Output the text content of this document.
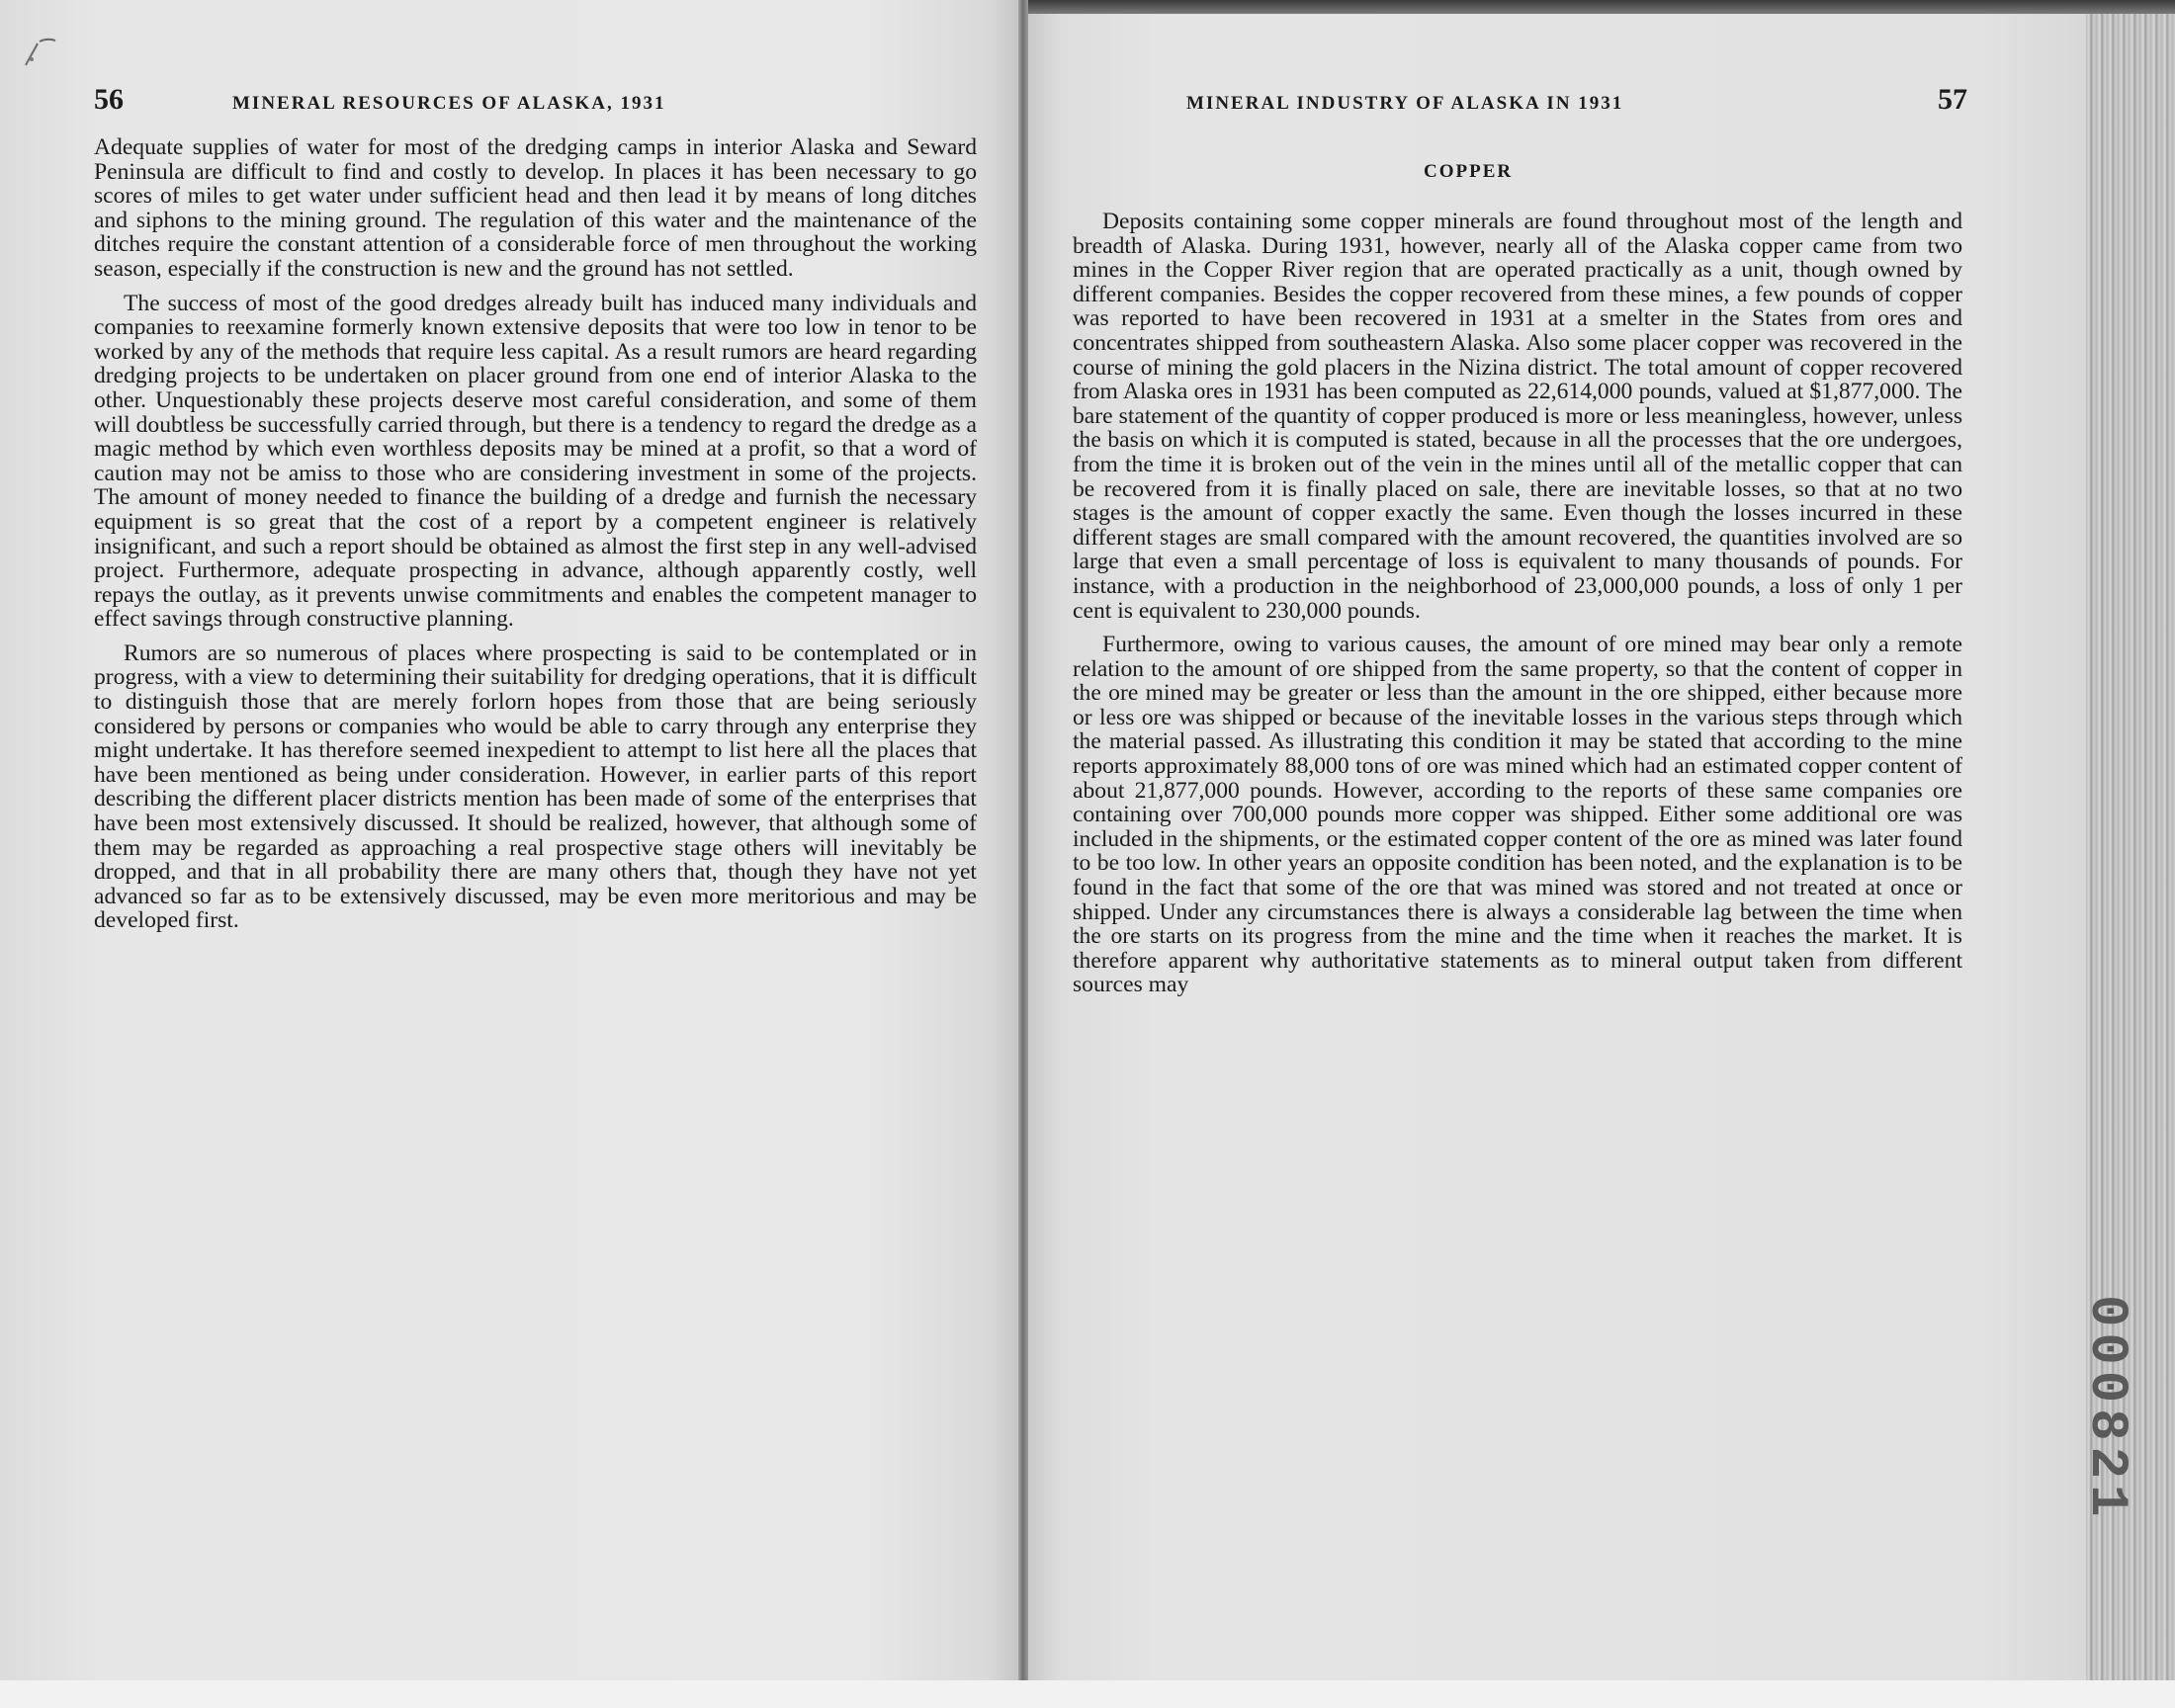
56	MINERAL RESOURCES OF ALASKA, 1931

Adequate supplies of water for most of the dredging camps in interior Alaska and Seward Peninsula are difficult to find and costly to develop. In places it has been necessary to go scores of miles to get water under sufficient head and then lead it by means of long ditches and siphons to the mining ground. The regulation of this water and the maintenance of the ditches require the constant attention of a considerable force of men throughout the working season, especially if the construction is new and the ground has not settled.

The success of most of the good dredges already built has induced many individuals and companies to reexamine formerly known extensive deposits that were too low in tenor to be worked by any of the methods that require less capital. As a result rumors are heard regarding dredging projects to be undertaken on placer ground from one end of interior Alaska to the other. Unquestionably these projects deserve most careful consideration, and some of them will doubtless be successfully carried through, but there is a tendency to regard the dredge as a magic method by which even worthless deposits may be mined at a profit, so that a word of caution may not be amiss to those who are considering investment in some of the projects. The amount of money needed to finance the building of a dredge and furnish the necessary equipment is so great that the cost of a report by a competent engineer is relatively insignificant, and such a report should be obtained as almost the first step in any well-advised project. Furthermore, adequate prospecting in advance, although apparently costly, well repays the outlay, as it prevents unwise commitments and enables the competent manager to effect savings through constructive planning.

Rumors are so numerous of places where prospecting is said to be contemplated or in progress, with a view to determining their suitability for dredging operations, that it is difficult to distinguish those that are merely forlorn hopes from those that are being seriously considered by persons or companies who would be able to carry through any enterprise they might undertake. It has therefore seemed inexpedient to attempt to list here all the places that have been mentioned as being under consideration. However, in earlier parts of this report describing the different placer districts mention has been made of some of the enterprises that have been most extensively discussed. It should be realized, however, that although some of them may be regarded as approaching a real prospective stage others will inevitably be dropped, and that in all probability there are many others that, though they have not yet advanced so far as to be extensively discussed, may be even more meritorious and may be developed first.

MINERAL INDUSTRY OF ALASKA IN 1931	57
COPPER

Deposits containing some copper minerals are found throughout most of the length and breadth of Alaska. During 1931, however, nearly all of the Alaska copper came from two mines in the Copper River region that are operated practically as a unit, though owned by different companies. Besides the copper recovered from these mines, a few pounds of copper was reported to have been recovered in 1931 at a smelter in the States from ores and concentrates shipped from southeastern Alaska. Also some placer copper was recovered in the course of mining the gold placers in the Nizina district. The total amount of copper recovered from Alaska ores in 1931 has been computed as 22,614,000 pounds, valued at $1,877,000. The bare statement of the quantity of copper produced is more or less meaningless, however, unless the basis on which it is computed is stated, because in all the processes that the ore undergoes, from the time it is broken out of the vein in the mines until all of the metallic copper that can be recovered from it is finally placed on sale, there are inevitable losses, so that at no two stages is the amount of copper exactly the same. Even though the losses incurred in these different stages are small compared with the amount recovered, the quantities involved are so large that even a small percentage of loss is equivalent to many thousands of pounds. For instance, with a production in the neighborhood of 23,000,000 pounds, a loss of only 1 per cent is equivalent to 230,000 pounds.

Furthermore, owing to various causes, the amount of ore mined may bear only a remote relation to the amount of ore shipped from the same property, so that the content of copper in the ore mined may be greater or less than the amount in the ore shipped, either because more or less ore was shipped or because of the inevitable losses in the various steps through which the material passed. As illustrating this condition it may be stated that according to the mine reports approximately 88,000 tons of ore was mined which had an estimated copper content of about 21,877,000 pounds. However, according to the reports of these same companies ore containing over 700,000 pounds more copper was shipped. Either some additional ore was included in the shipments, or the estimated copper content of the ore as mined was later found to be too low. In other years an opposite condition has been noted, and the explanation is to be found in the fact that some of the ore that was mined was stored and not treated at once or shipped. Under any circumstances there is always a considerable lag between the time when the ore starts on its progress from the mine and the time when it reaches the market. It is therefore apparent why authoritative statements as to mineral output taken from different sources may

000821
